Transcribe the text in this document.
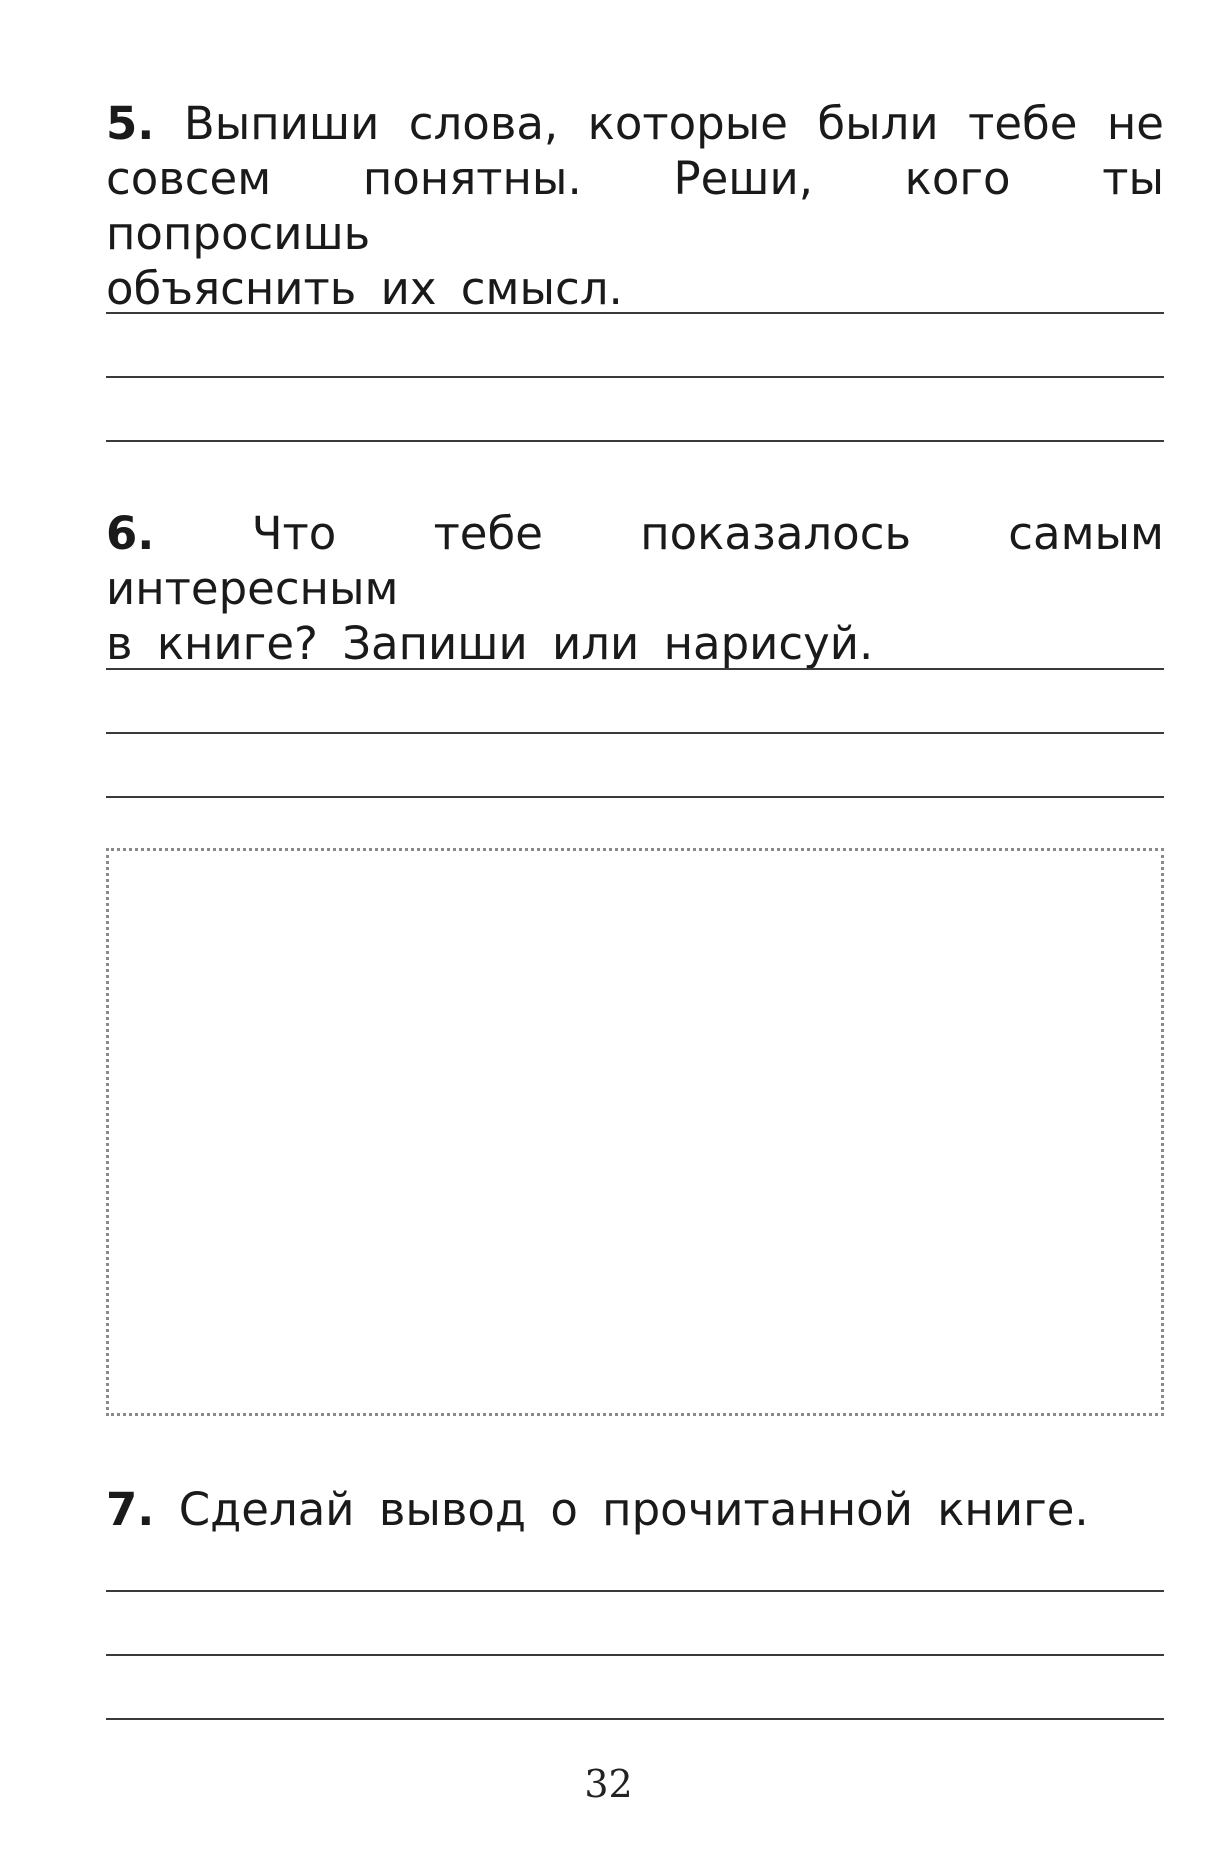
5. Выпиши слова, которые были тебе не

совсем понятны. Реши, кого ты попросишь

объяснить их смысл.

6. Что тебе показалось самым интересным

в книге? Запиши или нарисуй.

7. Сделай вывод о прочитанной книге.

32
